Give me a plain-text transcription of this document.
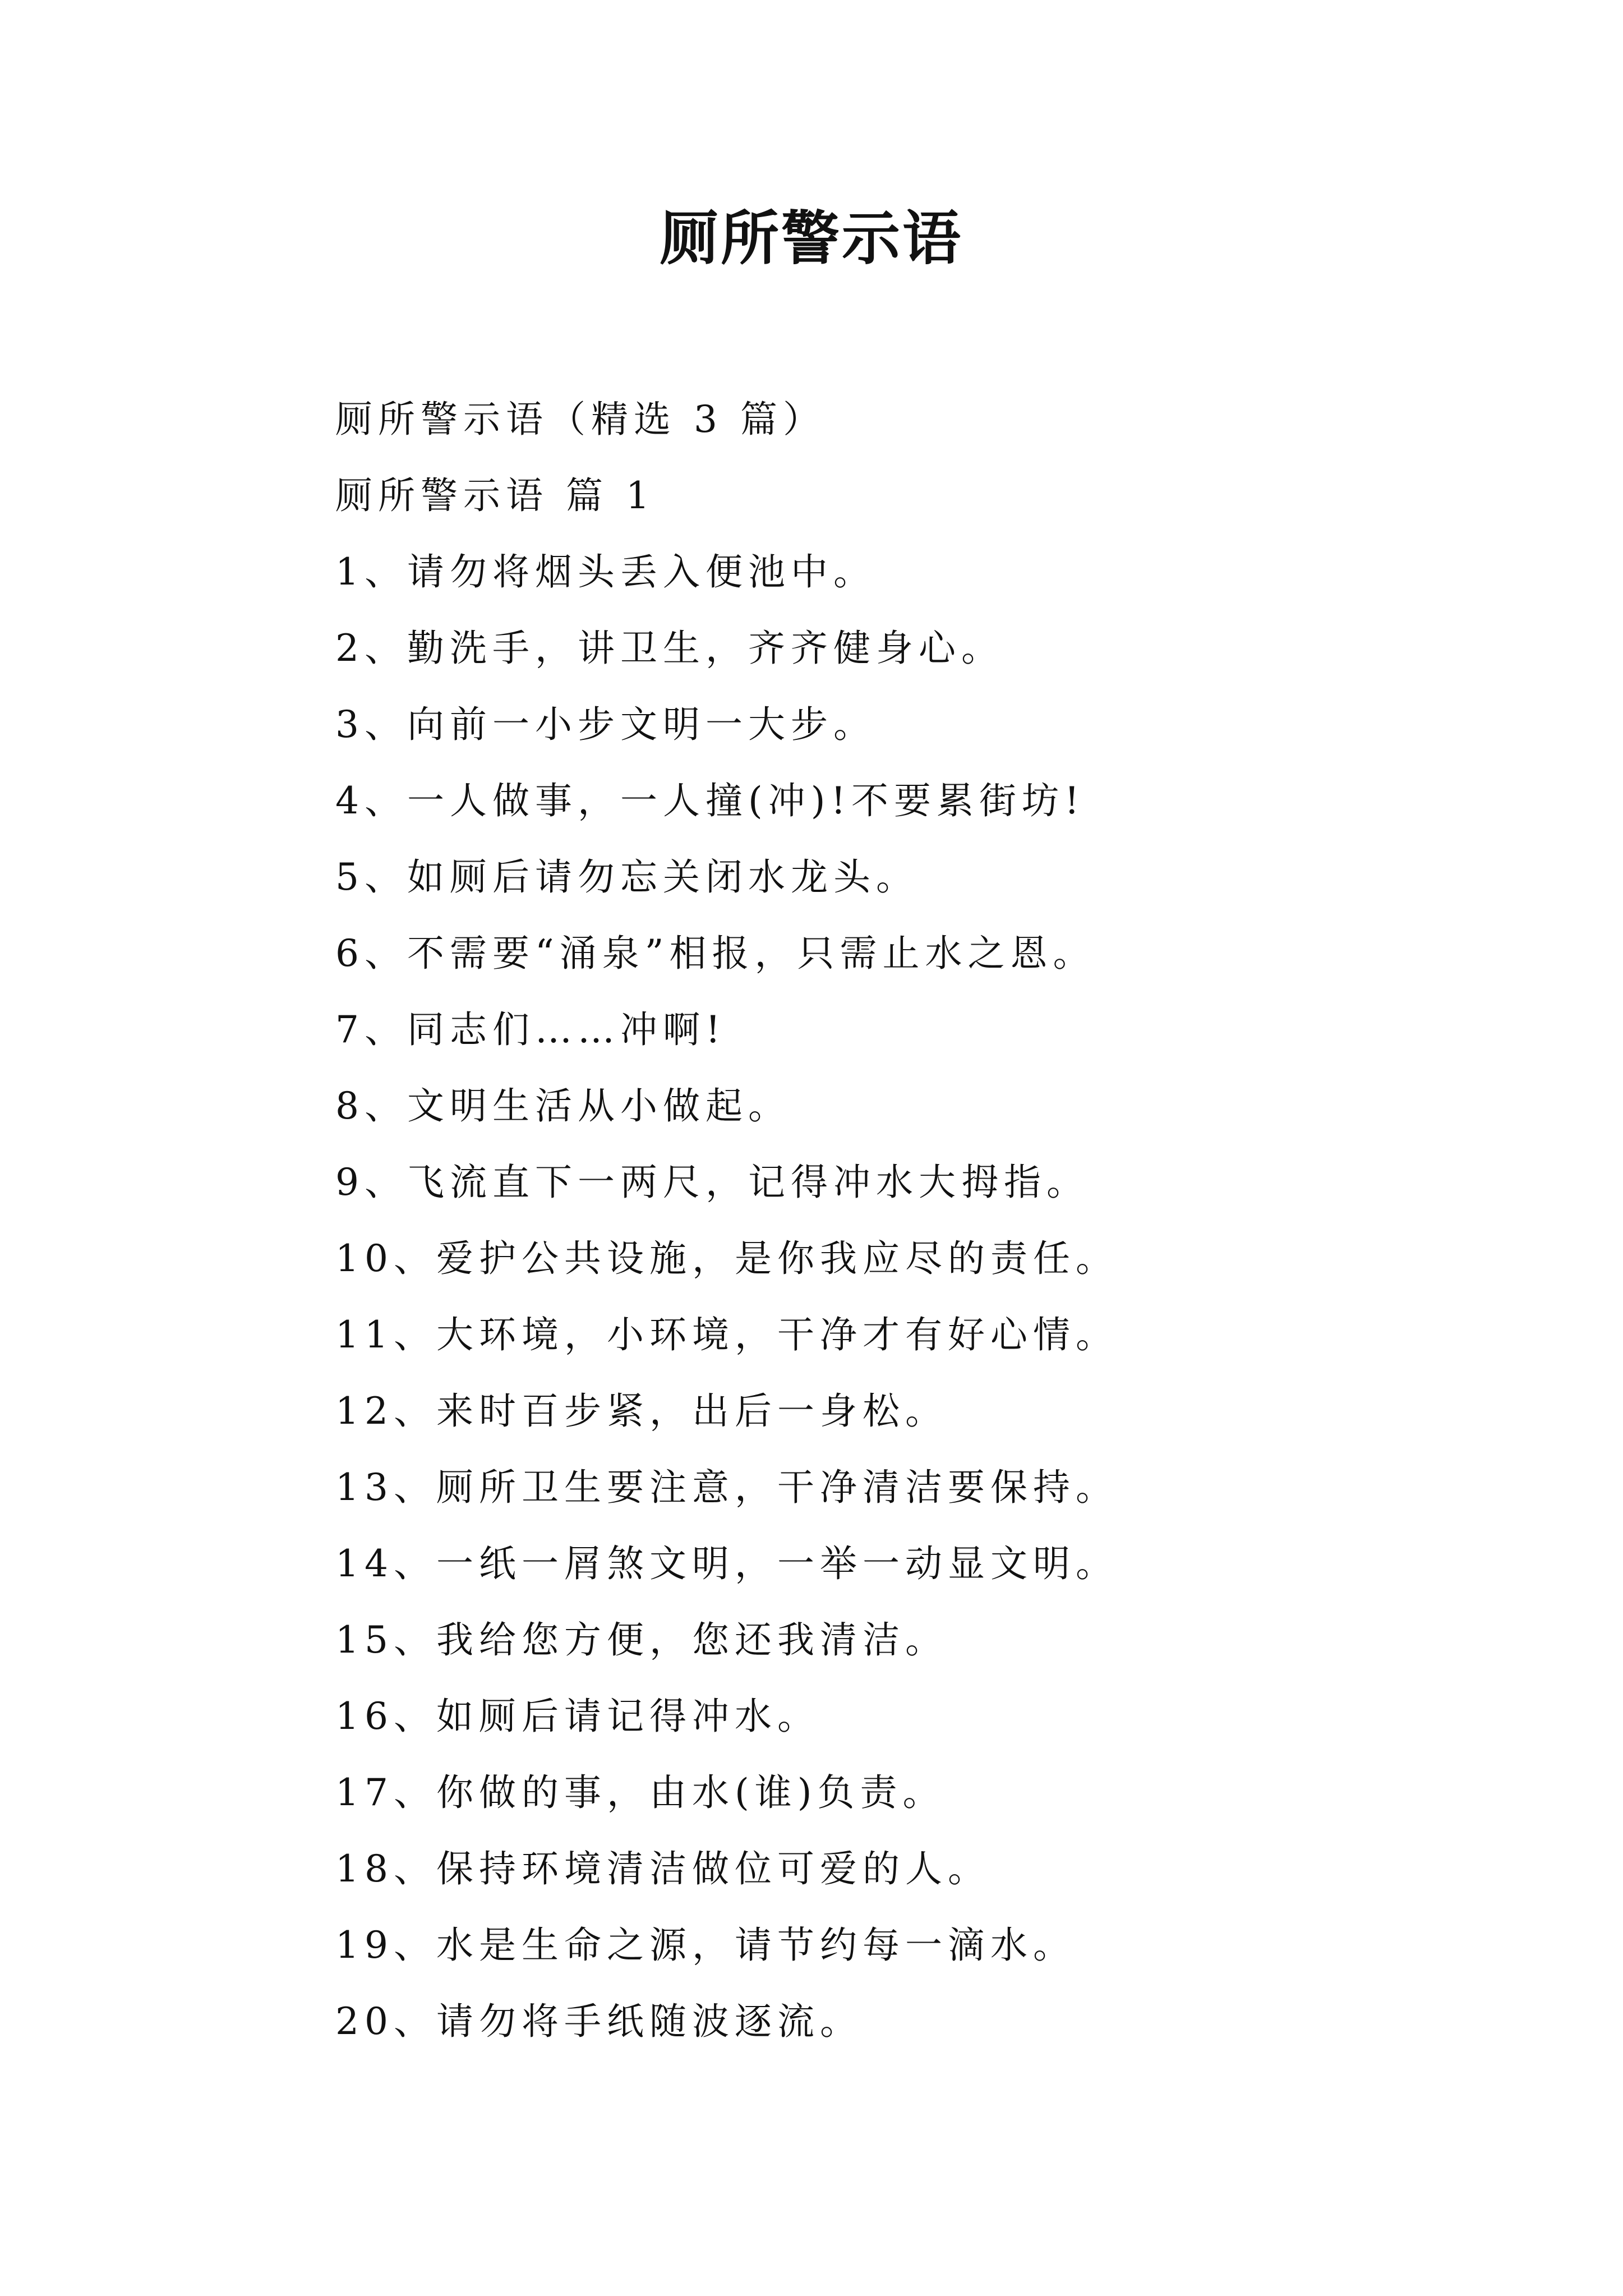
厕所警示语
厕所警示语（精选 3 篇）
厕所警示语 篇 1
1、请勿将烟头丢入便池中。
2、勤洗手，讲卫生，齐齐健身心。
3、向前一小步文明一大步。
4、一人做事，一人撞(冲)!不要累街坊!
5、如厕后请勿忘关闭水龙头。
6、不需要“涌泉”相报，只需止水之恩。
7、同志们……冲啊!
8、文明生活从小做起。
9、飞流直下一两尺，记得冲水大拇指。
10、爱护公共设施，是你我应尽的责任。
11、大环境，小环境，干净才有好心情。
12、来时百步紧，出后一身松。
13、厕所卫生要注意，干净清洁要保持。
14、一纸一屑煞文明，一举一动显文明。
15、我给您方便，您还我清洁。
16、如厕后请记得冲水。
17、你做的事，由水(谁)负责。
18、保持环境清洁做位可爱的人。
19、水是生命之源，请节约每一滴水。
20、请勿将手纸随波逐流。
